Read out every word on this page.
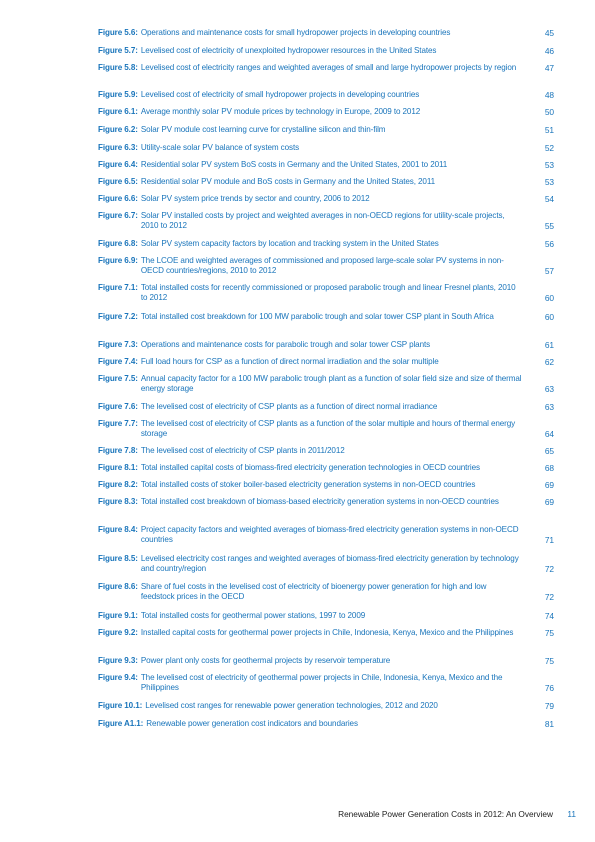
Figure 5.6: Operations and maintenance costs for small hydropower projects in developing countries	45
Figure 5.7: Levelised cost of electricity of unexploited hydropower resources in the United States	46
Figure 5.8: Levelised cost of electricity ranges and weighted averages of small and large hydropower projects by region	47
Figure 5.9: Levelised cost of electricity of small hydropower projects in developing countries	48
Figure 6.1: Average monthly solar PV module prices by technology in Europe, 2009 to 2012	50
Figure 6.2: Solar PV module cost learning curve for crystalline silicon and thin-film	51
Figure 6.3: Utility-scale solar PV balance of system costs	52
Figure 6.4: Residential solar PV system BoS costs in Germany and the United States, 2001 to 2011	53
Figure 6.5: Residential solar PV module and BoS costs in Germany and the United States, 2011	53
Figure 6.6: Solar PV system price trends by sector and country, 2006 to 2012	54
Figure 6.7: Solar PV installed costs by project and weighted averages in non-OECD regions for utility-scale projects, 2010 to 2012	55
Figure 6.8: Solar PV system capacity factors by location and tracking system in the United States	56
Figure 6.9: The LCOE and weighted averages of commissioned and proposed large-scale solar PV systems in non-OECD countries/regions, 2010 to 2012	57
Figure 7.1: Total installed costs for recently commissioned or proposed parabolic trough and linear Fresnel plants, 2010 to 2012	60
Figure 7.2: Total installed cost breakdown for 100 MW parabolic trough and solar tower CSP plant in South Africa	60
Figure 7.3: Operations and maintenance costs for parabolic trough and solar tower CSP plants	61
Figure 7.4: Full load hours for CSP as a function of direct normal irradiation and the solar multiple	62
Figure 7.5: Annual capacity factor for a 100 MW parabolic trough plant as a function of solar field size and size of thermal energy storage	63
Figure 7.6: The levelised cost of electricity of CSP plants as a function of direct normal irradiance	63
Figure 7.7: The levelised cost of electricity of CSP plants as a function of the solar multiple and hours of thermal energy storage	64
Figure 7.8: The levelised cost of electricity of CSP plants in 2011/2012	65
Figure 8.1: Total installed capital costs of biomass-fired electricity generation technologies in OECD countries	68
Figure 8.2: Total installed costs of stoker boiler-based electricity generation systems in non-OECD countries	69
Figure 8.3: Total installed cost breakdown of biomass-based electricity generation systems in non-OECD countries	69
Figure 8.4: Project capacity factors and weighted averages of biomass-fired electricity generation systems in non-OECD countries	71
Figure 8.5: Levelised electricity cost ranges and weighted averages of biomass-fired electricity generation by technology and country/region	72
Figure 8.6: Share of fuel costs in the levelised cost of electricity of bioenergy power generation for high and low feedstock prices in the OECD	72
Figure 9.1: Total installed costs for geothermal power stations, 1997 to 2009	74
Figure 9.2: Installed capital costs for geothermal power projects in Chile, Indonesia, Kenya, Mexico and the Philippines	75
Figure 9.3: Power plant only costs for geothermal projects by reservoir temperature	75
Figure 9.4: The levelised cost of electricity of geothermal power projects in Chile, Indonesia, Kenya, Mexico and the Philippines	76
Figure 10.1: Levelised cost ranges for renewable power generation technologies, 2012 and 2020	79
Figure A1.1: Renewable power generation cost indicators and boundaries	81
Renewable Power Generation Costs in 2012: An Overview 11
